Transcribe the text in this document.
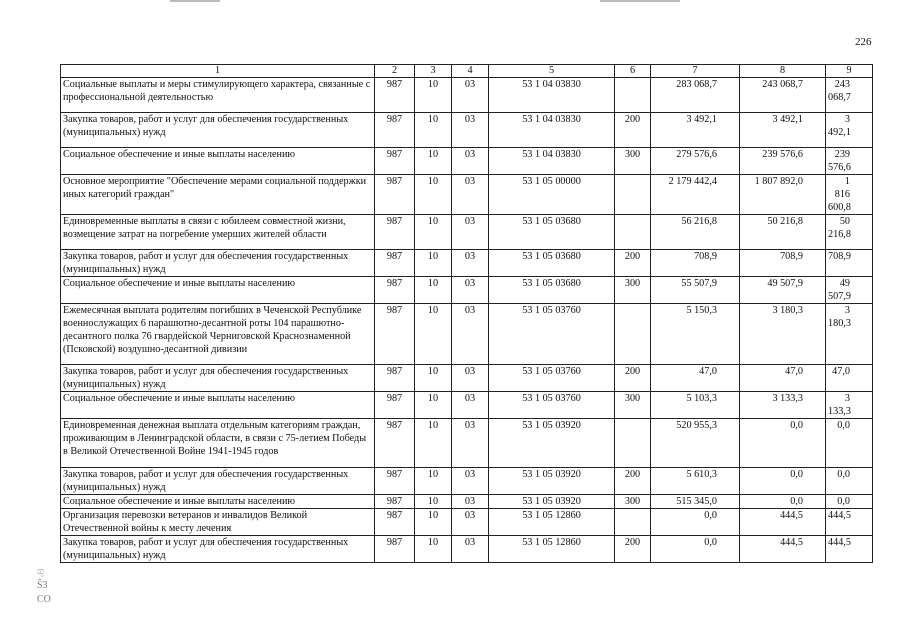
226
1	2	3	4	5	6	7	8	9
Социальные выплаты и меры стимулирующего характера, связанные с профессиональной деятельностью	987	10	03	53 1 04 03830		283 068,7	243 068,7	243 068,7
Закупка товаров, работ и услуг для обеспечения государственных (муниципальных) нужд	987	10	03	53 1 04 03830	200	3 492,1	3 492,1	3 492,1
Социальное обеспечение и иные выплаты населению	987	10	03	53 1 04 03830	300	279 576,6	239 576,6	239 576,6
Основное мероприятие "Обеспечение мерами социальной поддержки иных категорий граждан"	987	10	03	53 1 05 00000		2 179 442,4	1 807 892,0	1 816 600,8
Единовременные выплаты в связи с юбилеем совместной жизни, возмещение затрат на погребение умерших жителей области	987	10	03	53 1 05 03680		56 216,8	50 216,8	50 216,8
Закупка товаров, работ и услуг для обеспечения государственных (муниципальных) нужд	987	10	03	53 1 05 03680	200	708,9	708,9	708,9
Социальное обеспечение и иные выплаты населению	987	10	03	53 1 05 03680	300	55 507,9	49 507,9	49 507,9
Ежемесячная выплата родителям погибших в Чеченской Республике военнослужащих 6 парашютно-десантной роты 104 парашютно-десантного полка 76 гвардейской Черниговской Краснознаменной (Псковской) воздушно-десантной дивизии	987	10	03	53 1 05 03760		5 150,3	3 180,3	3 180,3
Закупка товаров, работ и услуг для обеспечения государственных (муниципальных) нужд	987	10	03	53 1 05 03760	200	47,0	47,0	47,0
Социальное обеспечение и иные выплаты населению	987	10	03	53 1 05 03760	300	5 103,3	3 133,3	3 133,3
Единовременная денежная выплата отдельным категориям граждан, проживающим в Ленинградской области, в связи с 75-летием Победы в Великой Отечественной Войне 1941-1945 годов	987	10	03	53 1 05 03920		520 955,3	0,0	0,0
Закупка товаров, работ и услуг для обеспечения государственных (муниципальных) нужд	987	10	03	53 1 05 03920	200	5 610,3	0,0	0,0
Социальное обеспечение и иные выплаты населению	987	10	03	53 1 05 03920	300	515 345,0	0,0	0,0
Организация перевозки ветеранов и инвалидов Великой Отечественной войны к месту лечения	987	10	03	53 1 05 12860		0,0	444,5	444,5
Закупка товаров, работ и услуг для обеспечения государственных (муниципальных) нужд	987	10	03	53 1 05 12860	200	0,0	444,5	444,5
ගු
Ŝ3
CO
